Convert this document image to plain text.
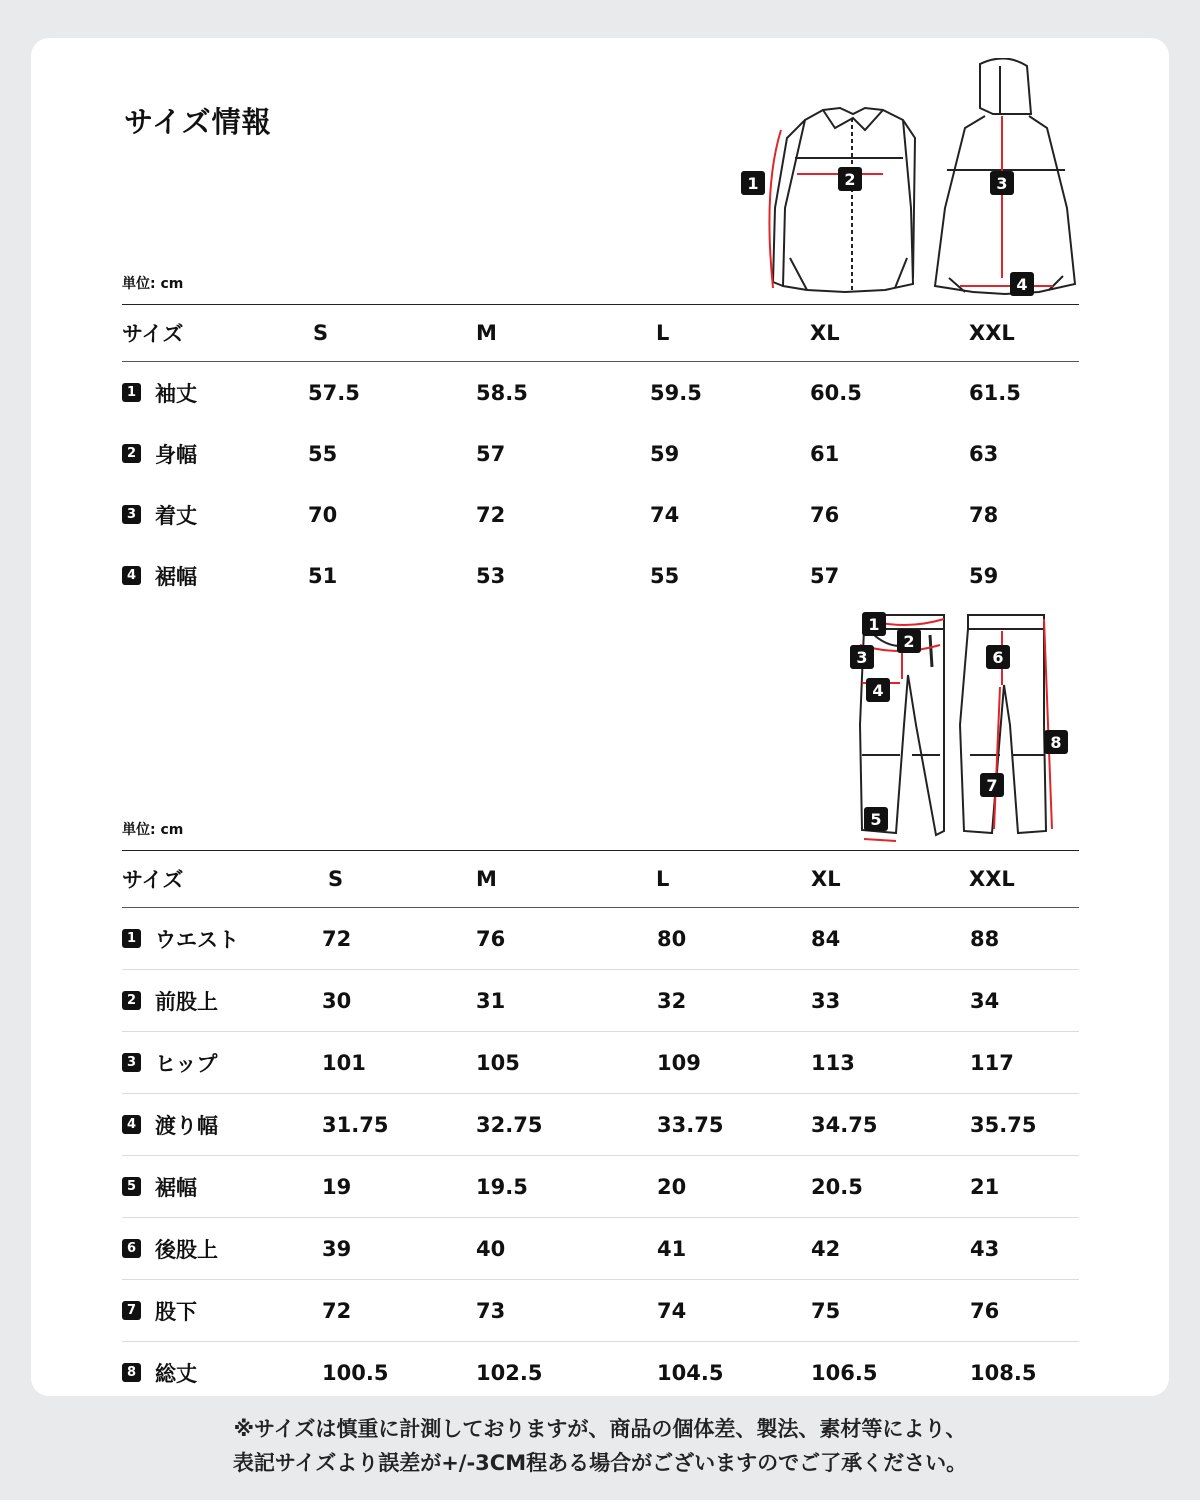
サイズ情報
1	2	3
4
単位: cm
サイズ	S	M	L	XL	XXL
1 袖丈	57.5	58.5	59.5	60.5	61.5
2 身幅	55	57	59	61	63
3 着丈	70	72	74	76	78
4 裾幅	51	53	55	57	59
1
2
3
4
5
6
7
8
単位: cm
サイズ	S	M	L	XL	XXL
1 ウエスト	72	76	80	84	88
2 前股上	30	31	32	33	34
3 ヒップ	101	105	109	113	117
4 渡り幅	31.75	32.75	33.75	34.75	35.75
5 裾幅	19	19.5	20	20.5	21
6 後股上	39	40	41	42	43
7 股下	72	73	74	75	76
8 総丈	100.5	102.5	104.5	106.5	108.5
※サイズは慎重に計測しておりますが、商品の個体差、製法、素材等により、
表記サイズより誤差が+/-3CM程ある場合がございますのでご了承ください。
